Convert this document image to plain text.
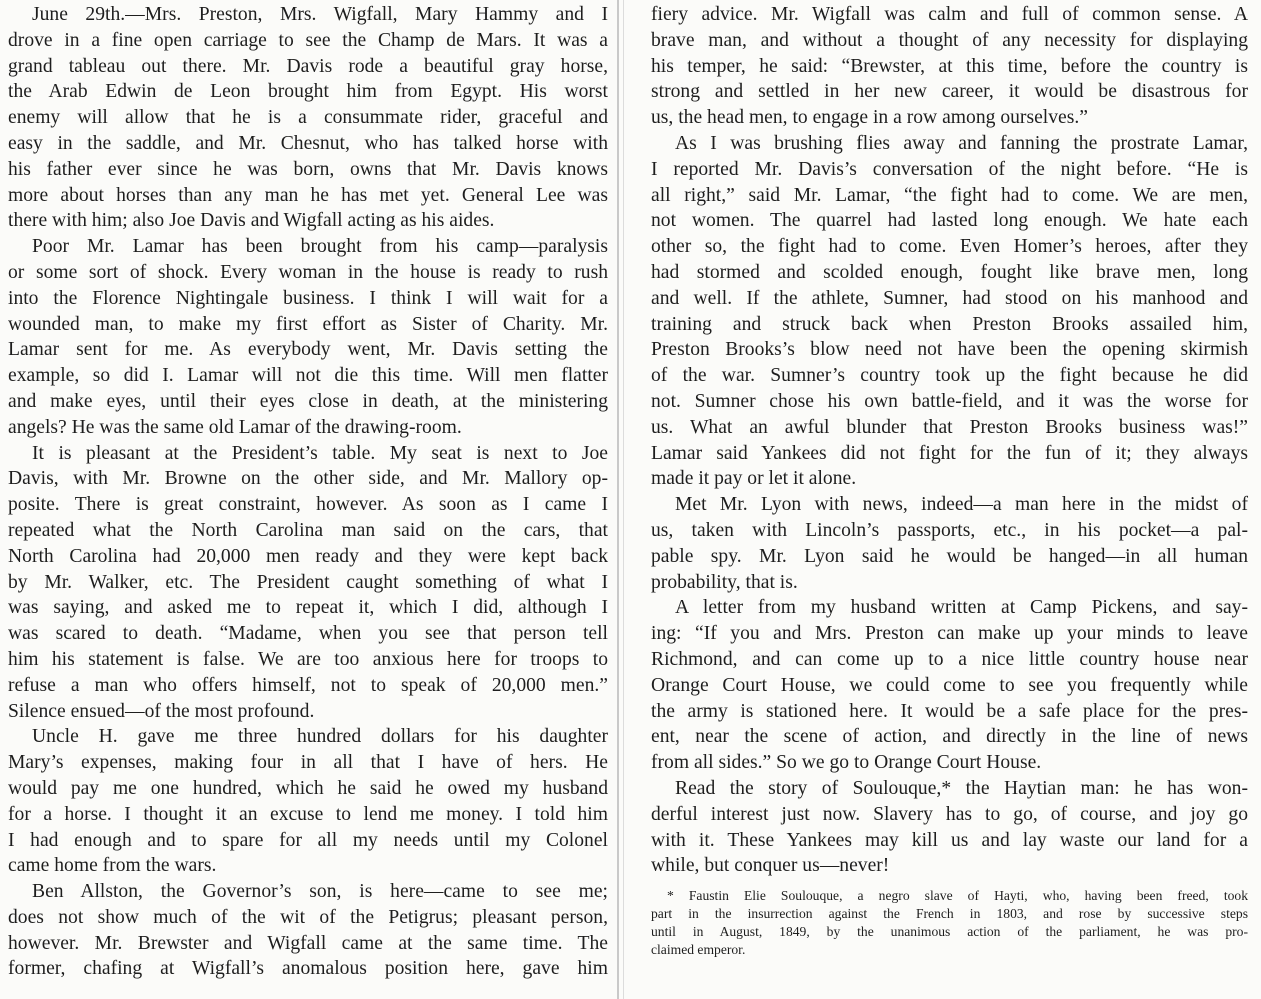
June 29th.—Mrs. Preston, Mrs. Wigfall, Mary Hammy and I
drove in a fine open carriage to see the Champ de Mars. It was a
grand tableau out there. Mr. Davis rode a beautiful gray horse,
the Arab Edwin de Leon brought him from Egypt. His worst
enemy will allow that he is a consummate rider, graceful and
easy in the saddle, and Mr. Chesnut, who has talked horse with
his father ever since he was born, owns that Mr. Davis knows
more about horses than any man he has met yet. General Lee was
there with him; also Joe Davis and Wigfall acting as his aides.
Poor Mr. Lamar has been brought from his camp—paralysis
or some sort of shock. Every woman in the house is ready to rush
into the Florence Nightingale business. I think I will wait for a
wounded man, to make my first effort as Sister of Charity. Mr.
Lamar sent for me. As everybody went, Mr. Davis setting the
example, so did I. Lamar will not die this time. Will men flatter
and make eyes, until their eyes close in death, at the ministering
angels? He was the same old Lamar of the drawing-room.
It is pleasant at the President’s table. My seat is next to Joe
Davis, with Mr. Browne on the other side, and Mr. Mallory op-
posite. There is great constraint, however. As soon as I came I
repeated what the North Carolina man said on the cars, that
North Carolina had 20,000 men ready and they were kept back
by Mr. Walker, etc. The President caught something of what I
was saying, and asked me to repeat it, which I did, although I
was scared to death. “Madame, when you see that person tell
him his statement is false. We are too anxious here for troops to
refuse a man who offers himself, not to speak of 20,000 men.”
Silence ensued—of the most profound.
Uncle H. gave me three hundred dollars for his daughter
Mary’s expenses, making four in all that I have of hers. He
would pay me one hundred, which he said he owed my husband
for a horse. I thought it an excuse to lend me money. I told him
I had enough and to spare for all my needs until my Colonel
came home from the wars.
Ben Allston, the Governor’s son, is here—came to see me;
does not show much of the wit of the Petigrus; pleasant person,
however. Mr. Brewster and Wigfall came at the same time. The
former, chafing at Wigfall’s anomalous position here, gave him
fiery advice. Mr. Wigfall was calm and full of common sense. A
brave man, and without a thought of any necessity for displaying
his temper, he said: “Brewster, at this time, before the country is
strong and settled in her new career, it would be disastrous for
us, the head men, to engage in a row among ourselves.”
As I was brushing flies away and fanning the prostrate Lamar,
I reported Mr. Davis’s conversation of the night before. “He is
all right,” said Mr. Lamar, “the fight had to come. We are men,
not women. The quarrel had lasted long enough. We hate each
other so, the fight had to come. Even Homer’s heroes, after they
had stormed and scolded enough, fought like brave men, long
and well. If the athlete, Sumner, had stood on his manhood and
training and struck back when Preston Brooks assailed him,
Preston Brooks’s blow need not have been the opening skirmish
of the war. Sumner’s country took up the fight because he did
not. Sumner chose his own battle-field, and it was the worse for
us. What an awful blunder that Preston Brooks business was!”
Lamar said Yankees did not fight for the fun of it; they always
made it pay or let it alone.
Met Mr. Lyon with news, indeed—a man here in the midst of
us, taken with Lincoln’s passports, etc., in his pocket—a pal-
pable spy. Mr. Lyon said he would be hanged—in all human
probability, that is.
A letter from my husband written at Camp Pickens, and say-
ing: “If you and Mrs. Preston can make up your minds to leave
Richmond, and can come up to a nice little country house near
Orange Court House, we could come to see you frequently while
the army is stationed here. It would be a safe place for the pres-
ent, near the scene of action, and directly in the line of news
from all sides.” So we go to Orange Court House.
Read the story of Soulouque,* the Haytian man: he has won-
derful interest just now. Slavery has to go, of course, and joy go
with it. These Yankees may kill us and lay waste our land for a
while, but conquer us—never!
* Faustin Elie Soulouque, a negro slave of Hayti, who, having been freed, took
part in the insurrection against the French in 1803, and rose by successive steps
until in August, 1849, by the unanimous action of the parliament, he was pro-
claimed emperor.
